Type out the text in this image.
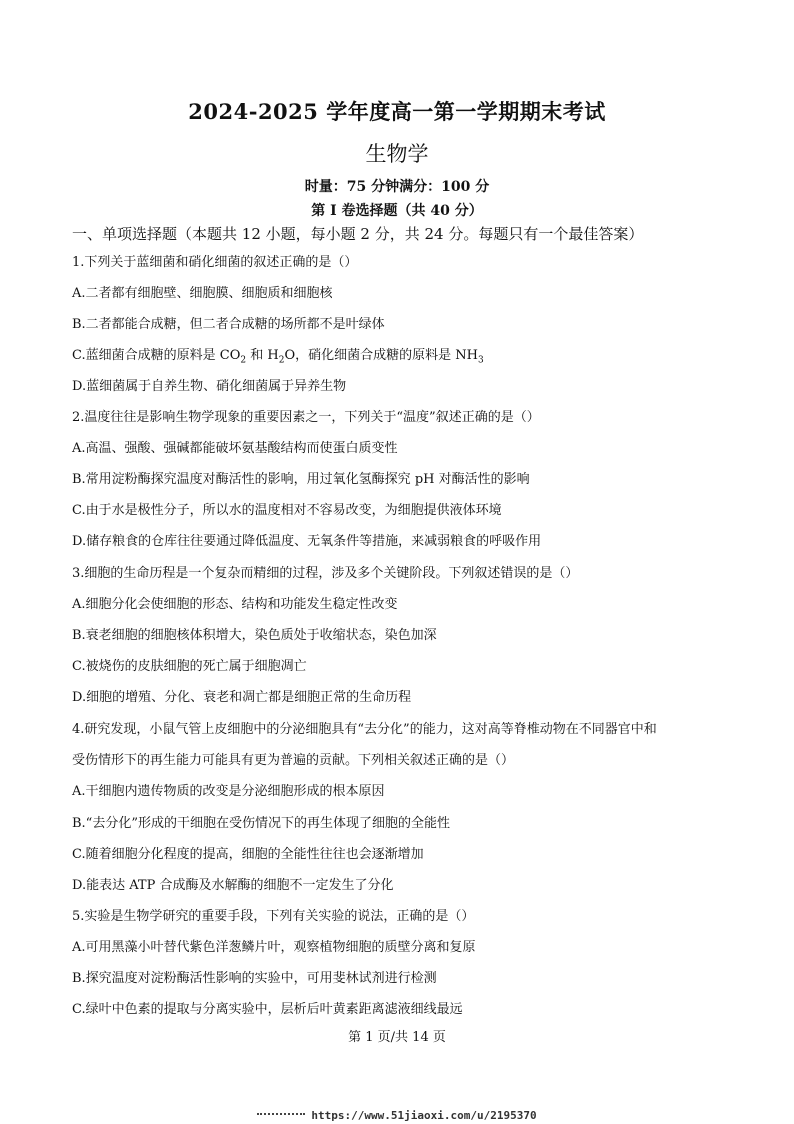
2024-2025 学年度高一第一学期期末考试
生物学
时量：75 分钟满分：100 分
第 I 卷选择题（共 40 分）
一、单项选择题（本题共 12 小题，每小题 2 分，共 24 分。每题只有一个最佳答案）
1.下列关于蓝细菌和硝化细菌的叙述正确的是（）
A.二者都有细胞壁、细胞膜、细胞质和细胞核
B.二者都能合成糖，但二者合成糖的场所都不是叶绿体
C.蓝细菌合成糖的原料是 $CO_2$ 和 $H_2O$，硝化细菌合成糖的原料是 $NH_3$
D.蓝细菌属于自养生物、硝化细菌属于异养生物
2.温度往往是影响生物学现象的重要因素之一，下列关于“温度”叙述正确的是（）
A.高温、强酸、强碱都能破坏氨基酸结构而使蛋白质变性
B.常用淀粉酶探究温度对酶活性的影响，用过氧化氢酶探究 pH 对酶活性的影响
C.由于水是极性分子，所以水的温度相对不容易改变，为细胞提供液体环境
D.储存粮食的仓库往往要通过降低温度、无氧条件等措施，来减弱粮食的呼吸作用
3.细胞的生命历程是一个复杂而精细的过程，涉及多个关键阶段。下列叙述错误的是（）
A.细胞分化会使细胞的形态、结构和功能发生稳定性改变
B.衰老细胞的细胞核体积增大，染色质处于收缩状态，染色加深
C.被烧伤的皮肤细胞的死亡属于细胞凋亡
D.细胞的增殖、分化、衰老和凋亡都是细胞正常的生命历程
4.研究发现，小鼠气管上皮细胞中的分泌细胞具有“去分化”的能力，这对高等脊椎动物在不同器官中和
受伤情形下的再生能力可能具有更为普遍的贡献。下列相关叙述正确的是（）
A.干细胞内遗传物质的改变是分泌细胞形成的根本原因
B.“去分化”形成的干细胞在受伤情况下的再生体现了细胞的全能性
C.随着细胞分化程度的提高，细胞的全能性往往也会逐渐增加
D.能表达 ATP 合成酶及水解酶的细胞不一定发生了分化
5.实验是生物学研究的重要手段，下列有关实验的说法，正确的是（）
A.可用黑藻小叶替代紫色洋葱鳞片叶，观察植物细胞的质壁分离和复原
B.探究温度对淀粉酶活性影响的实验中，可用斐林试剂进行检测
C.绿叶中色素的提取与分离实验中，层析后叶黄素距离滤液细线最远
第 1 页/共 14 页
https://www.51jiaoxi.com/u/2195370
